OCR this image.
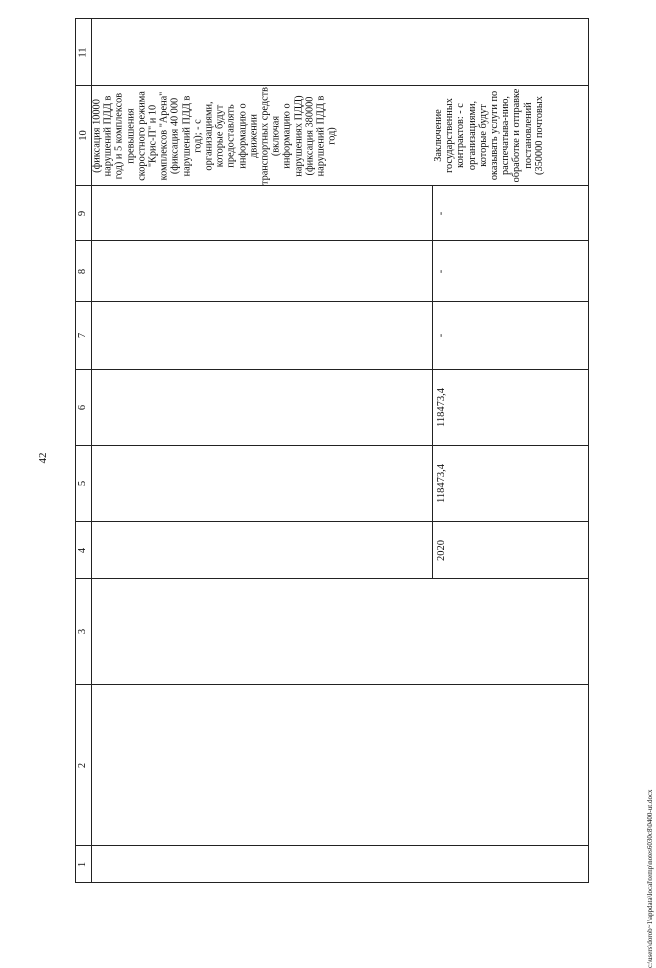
42
c:\users\dorob~1\appdata\local\temp\notes6030c8\0400-ut.docx
1
2
3
4
5
6
7
8
9
10
11
(фиксация 10000 нарушений ПДД в год) и 5 комплексов превышения скоростного режима "Крис-П" и 10 комплексов "Арена" (фиксация 40 000 нарушений ПДД в год); - с организациями, которые будут предоставлять информацию о движении транспортных средств (включая информацию о нарушениях ПДД) (фиксация 380000 нарушений ПДД в год)
2020
118473,4
118473,4
-
-
-
Заключение государственных контрактов: - с организациями, которые будут оказывать услуги по распечатыва-нию, обработке и отправке постановлений (350000 почтовых
